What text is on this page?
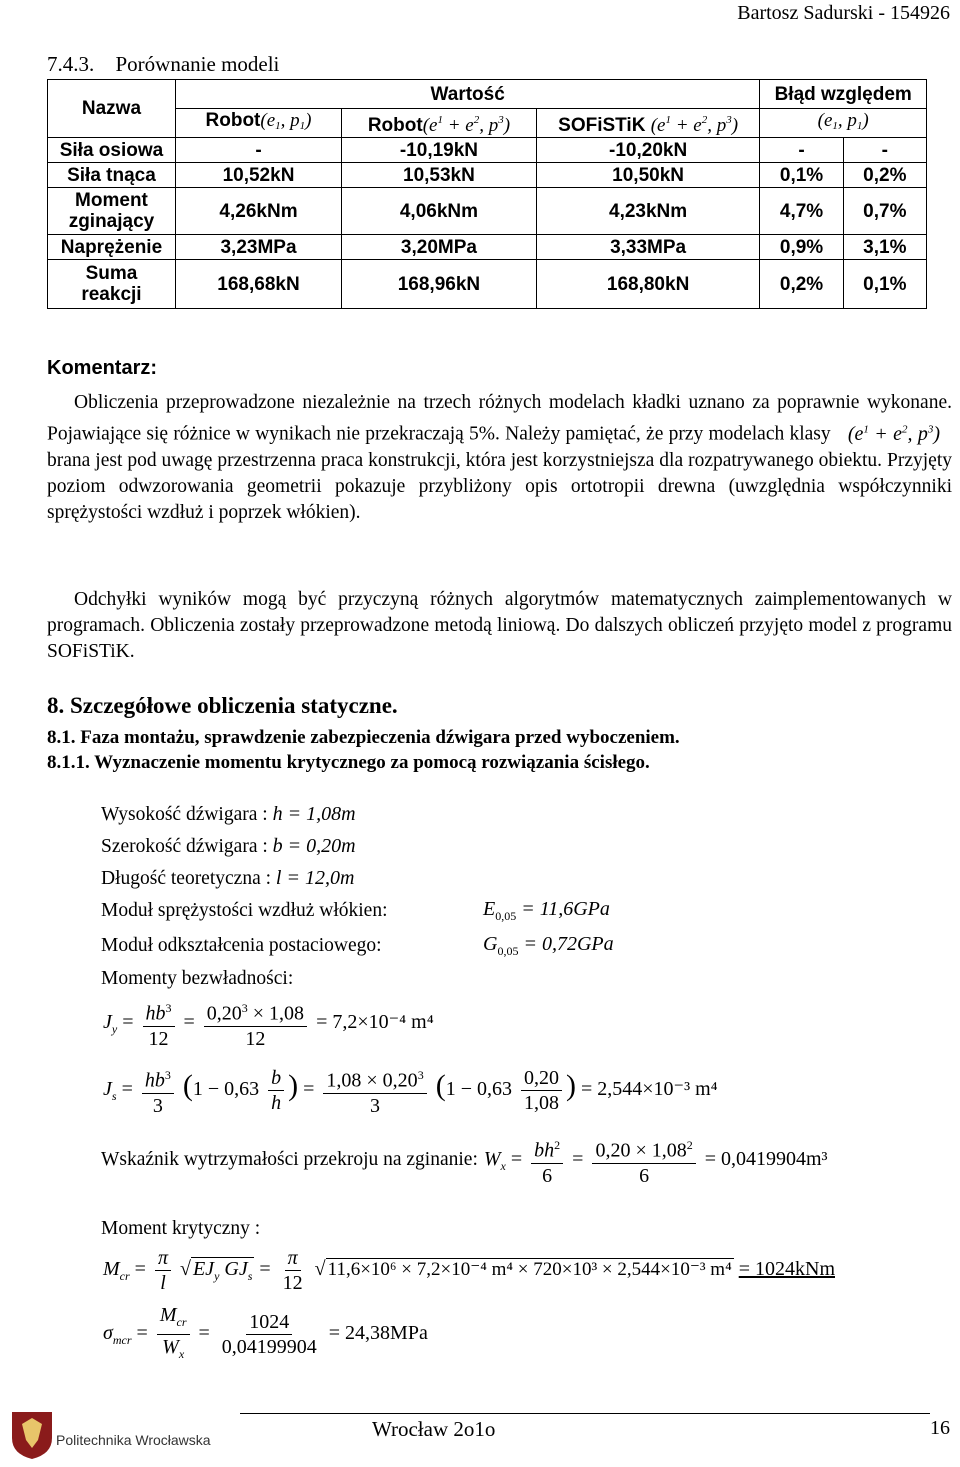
Bartosz Sadurski - 154926
7.4.3. Porównanie modeli
Nazwa	Wartość			Błąd względem	
	Robot(e1, p1)	$Robot(e^1 + e^2$, $p^3$)	SOFiSTiK ($e^1 + e^2$, $p^3$)	(e1, p1)	
Siła osiowa	-	-10,19kN	-10,20kN	-	-
Siła tnąca	10,52kN	10,53kN	10,50kN	0,1%	0,2%
Moment
zginający	4,26kNm	4,06kNm	4,23kNm	4,7%	0,7%
Naprężenie	3,23MPa	3,20MPa	3,33MPa	0,9%	3,1%
Suma
reakcji	168,68kN	168,96kN	168,80kN	0,2%	0,1%
Komentarz:
Obliczenia przeprowadzone niezależnie na trzech różnych modelach kładki uznano za poprawnie wykonane. Pojawiające się różnice w wynikach nie przekraczają 5%. Należy pamiętać, że przy modelach klasy ($e^1 + e^2$, $p^3$) brana jest pod uwagę przestrzenna praca konstrukcji, która jest korzystniejsza dla rozpatrywanego obiektu. Przyjęty poziom odwzorowania geometrii pokazuje przybliżony opis ortotropii drewna (uwzględnia współczynniki sprężystości wzdłuż i poprzek włókien).
Odchyłki wyników mogą być przyczyną różnych algorytmów matematycznych zaimplementowanych w programach. Obliczenia zostały przeprowadzone metodą liniową. Do dalszych obliczeń przyjęto model z programu SOFiSTiK.
8. Szczegółowe obliczenia statyczne.
8.1. Faza montażu, sprawdzenie zabezpieczenia dźwigara przed wyboczeniem.
8.1.1. Wyznaczenie momentu krytycznego za pomocą rozwiązania ścisłego.
Wysokość dźwigara : h = 1,08m
Szerokość dźwigara : b = 0,20m
Długość teoretyczna : l = 12,0m
Moduł sprężystości wzdłuż włókien:	$E_{0,05} = 11,6GPa$
Moduł odkształcenia postaciowego:	$G_{0,05} = 0,72GPa$
Momenty bezwładności:
$J_y = \frac{hb^3}{12} = \frac{0,20^3 \times 1,08}{12} = 7,2\times 10^{-4}$ m⁴
$J_s = \frac{hb^3}{3} (1 - 0,63 \frac{b}{h}$ ) = $\frac{1,08 \times 0,20^3}{3} (1 - 0,63 \frac{0,20}{1,08}$ ) = 2,544×10⁻³ m⁴
Wskaźnik wytrzymałości przekroju na zginanie: $W_x = \frac{bh^2}{6} = \frac{0,20 \times 1,08^2}{6} = 0,0419904m^3$
Moment krytyczny :
$M_{cr} = \frac{\pi}{l}$ √ $EJ_y$ $GJ_s = \frac{\pi}{12}$ √ 11,6×10⁶ × 7,2×10⁻⁴ m⁴ × 720×10³ × 2,544×10⁻³ m⁴ = 1024kNm
$\sigma_{mcr} = \frac{M_{cr}}{W_x} = \frac{1024}{0,04199904} = 24,38MPa$
Politechnika Wrocławska	Wrocław 2o1o	16
